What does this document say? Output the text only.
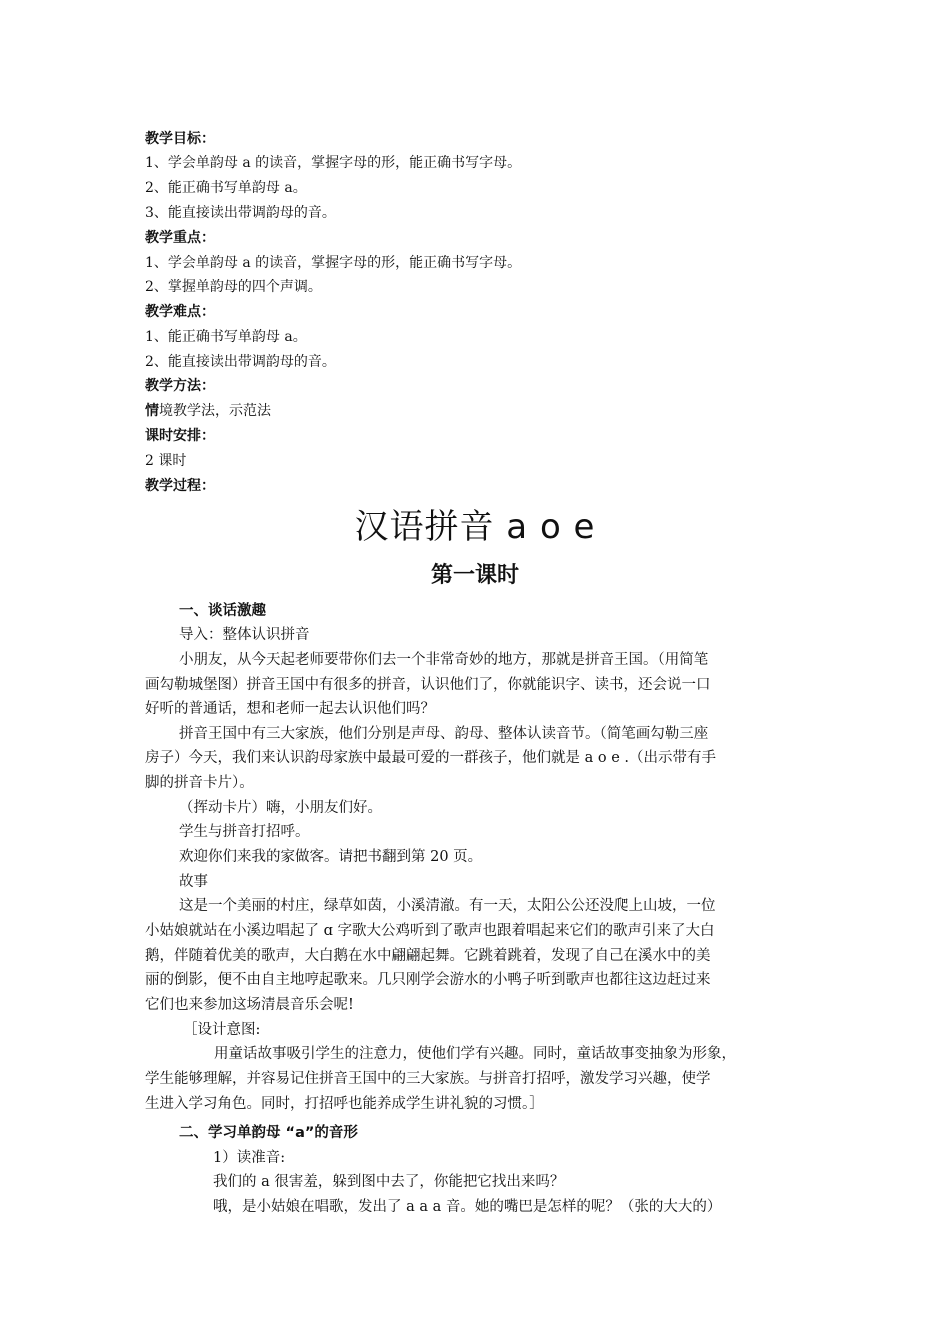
教学目标：
1、学会单韵母 a 的读音，掌握字母的形，能正确书写字母。
2、能正确书写单韵母 a。
3、能直接读出带调韵母的音。
教学重点：
1、学会单韵母 a 的读音，掌握字母的形，能正确书写字母。
2、掌握单韵母的四个声调。
教学难点：
1、能正确书写单韵母 a。
2、能直接读出带调韵母的音。
教学方法：
情境教学法，示范法
课时安排：
2 课时
教学过程：
汉语拼音 a o e
第一课时
一、谈话激趣
导入：整体认识拼音
小朋友，从今天起老师要带你们去一个非常奇妙的地方，那就是拼音王国。（用简笔
画勾勒城堡图）拼音王国中有很多的拼音，认识他们了，你就能识字、读书，还会说一口
好听的普通话，想和老师一起去认识他们吗？
拼音王国中有三大家族，他们分别是声母、韵母、整体认读音节。（简笔画勾勒三座
房子）今天，我们来认识韵母家族中最最可爱的一群孩子，他们就是 a o e .（出示带有手
脚的拼音卡片）。
（挥动卡片）嗨，小朋友们好。
学生与拼音打招呼。
欢迎你们来我的家做客。请把书翻到第 20 页。
故事
这是一个美丽的村庄，绿草如茵，小溪清澈。有一天，太阳公公还没爬上山坡，一位
小姑娘就站在小溪边唱起了 ɑ 字歌大公鸡听到了歌声也跟着唱起来它们的歌声引来了大白
鹅，伴随着优美的歌声，大白鹅在水中翩翩起舞。它跳着跳着，发现了自己在溪水中的美
丽的倒影，便不由自主地哼起歌来。几只刚学会游水的小鸭子听到歌声也都往这边赶过来
它们也来参加这场清晨音乐会呢!
［设计意图:
用童话故事吸引学生的注意力，使他们学有兴趣。同时，童话故事变抽象为形象，
学生能够理解，并容易记住拼音王国中的三大家族。与拼音打招呼，激发学习兴趣，使学
生进入学习角色。同时，打招呼也能养成学生讲礼貌的习惯。］
二、学习单韵母 “a”的音形
1）读准音:
我们的 a 很害羞，躲到图中去了，你能把它找出来吗？
哦，是小姑娘在唱歌，发出了 a a a 音。她的嘴巴是怎样的呢？（张的大大的）
